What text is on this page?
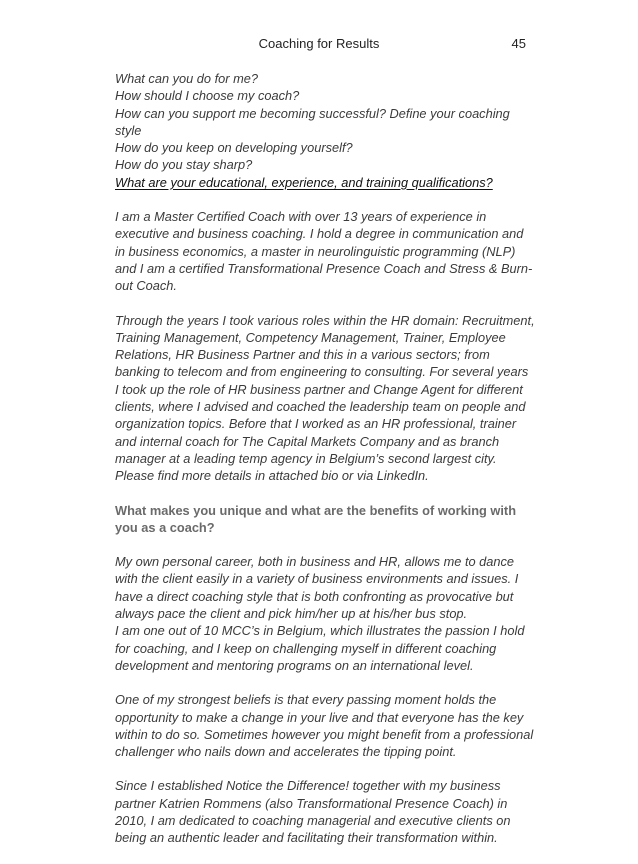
Coaching for Results	45

What can you do for me?

How should I choose my coach?

How can you support me becoming successful? Define your coaching style

How do you keep on developing yourself?

How do you stay sharp?

What are your educational, experience, and training qualifications?

I am a Master Certified Coach with over 13 years of experience in executive and business coaching. I hold a degree in communication and in business economics, a master in neurolinguistic programming (NLP) and I am a certified Transformational Presence Coach and Stress & Burn-out Coach.

Through the years I took various roles within the HR domain: Recruitment, Training Management, Competency Management, Trainer, Employee Relations, HR Business Partner and this in a various sectors; from banking to telecom and from engineering to consulting. For several years I took up the role of HR business partner and Change Agent for different clients, where I advised and coached the leadership team on people and organization topics. Before that I worked as an HR professional, trainer and internal coach for The Capital Markets Company and as branch manager at a leading temp agency in Belgium’s second largest city.
Please find more details in attached bio or via LinkedIn.

What makes you unique and what are the benefits of working with you as a coach?

My own personal career, both in business and HR, allows me to dance with the client easily in a variety of business environments and issues. I have a direct coaching style that is both confronting as provocative but always pace the client and pick him/her up at his/her bus stop.
I am one out of 10 MCC’s in Belgium, which illustrates the passion I hold for coaching, and I keep on challenging myself in different coaching development and mentoring programs on an international level.

One of my strongest beliefs is that every passing moment holds the opportunity to make a change in your live and that everyone has the key within to do so. Sometimes however you might benefit from a professional challenger who nails down and accelerates the tipping point.

Since I established Notice the Difference! together with my business partner Katrien Rommens (also Transformational Presence Coach) in 2010, I am dedicated to coaching managerial and executive clients on being an authentic leader and facilitating their transformation within.
